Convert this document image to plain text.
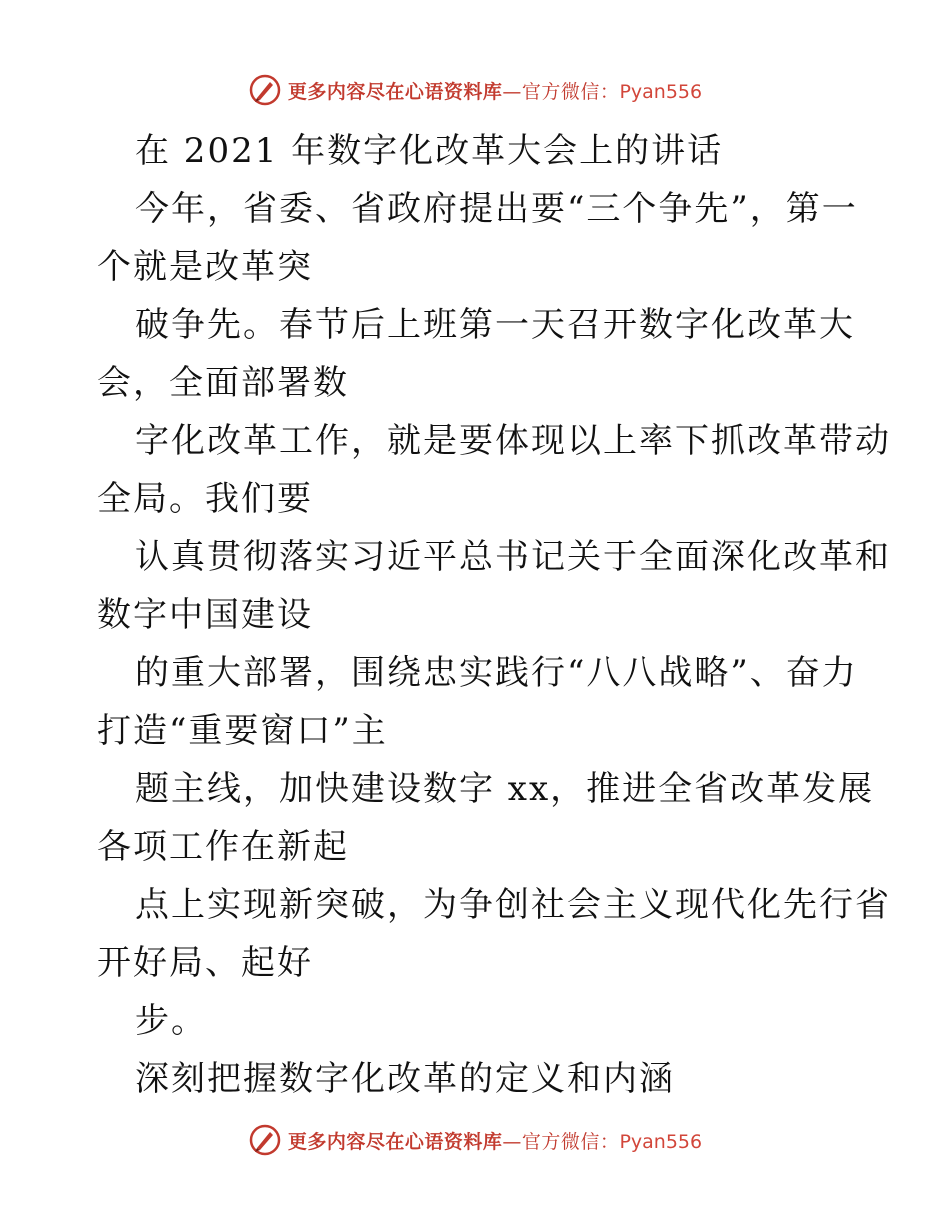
更多内容尽在心语资料库—官方微信：Pyan556
在 2021 年数字化改革大会上的讲话
今年，省委、省政府提出要“三个争先”，第一
个就是改革突
破争先。春节后上班第一天召开数字化改革大
会，全面部署数
字化改革工作，就是要体现以上率下抓改革带动
全局。我们要
认真贯彻落实习近平总书记关于全面深化改革和
数字中国建设
的重大部署，围绕忠实践行“八八战略”、奋力
打造“重要窗口”主
题主线，加快建设数字 xx，推进全省改革发展
各项工作在新起
点上实现新突破，为争创社会主义现代化先行省
开好局、起好
步。
深刻把握数字化改革的定义和内涵
更多内容尽在心语资料库—官方微信：Pyan556
